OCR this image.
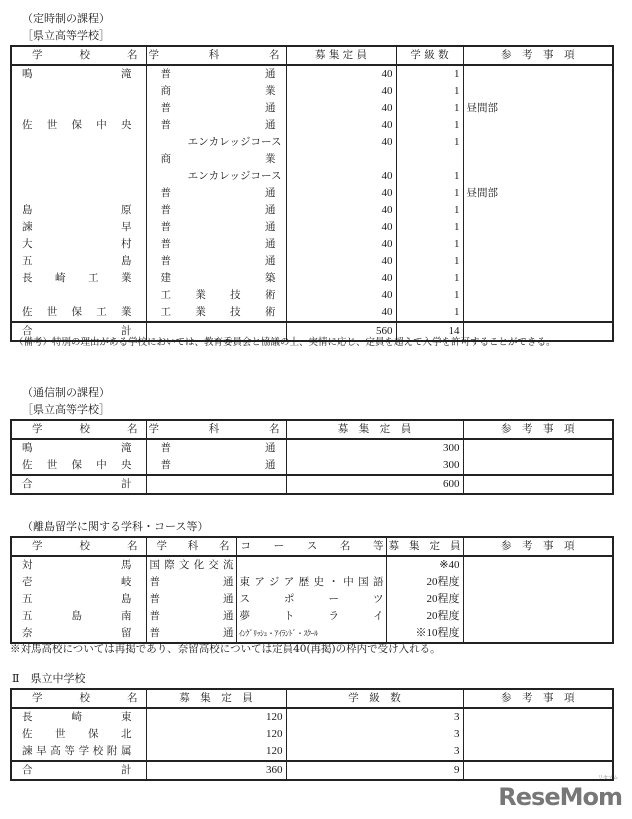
（定時制の課程）
［県立高等学校］
学　校　名	学　　科　　名	募 集 定 員	学 級 数	参　考　事　項
鳴　　　　滝	普　　　　通	40	1	
	商　　　　業	40	1	
	普　　　　通	40	1	昼間部
佐 世 保 中 央	普　　　　通	40	1	
	エンカレッジコース	40	1	
	商　　　　業			
	エンカレッジコース	40	1	
	普　　　　通	40	1	昼間部
島　　　　原	普　　　　通	40	1	
諫　　　　早	普　　　　通	40	1	
大　　　　村	普　　　　通	40	1	
五　　　　島	普　　　　通	40	1	
長　崎　工　業	建　　　　築	40	1	
	工　業　技　術	40	1	
佐 世 保 工 業	工　業　技　術	40	1	
合　　　　計		560	14	
（備考）特別の理由がある学校においては、教育委員会と協議の上、実情に応じ、定員を超えて入学を許可することができる。
（通信制の課程）
［県立高等学校］
学　校　名	学　　科　　名	募　集　定　員	参　考　事　項
鳴　　　　滝	普　　　　通	300	
佐 世 保 中 央	普　　　　通	300	
合　　　　計		600	
（離島留学に関する学科・コース等）
学　校　名	学 科 名	コ ー ス 名 等	募 集 定 員	参　考　事　項
対　　　　馬	国際文化交流		※40	
壱　　　　岐	普　　　通	東アジア歴史・中国語	20程度	
五　　　　島	普　　　通	ス　ポ　ー　ツ	20程度	
五　島　南	普　　　通	夢　ト　ラ　イ	20程度	
奈　　　　留	普　　　通	ｲﾝｸﾞﾘｯｼｭ・ｱｲﾗﾝﾄﾞ・ｽｸｰﾙ	※10程度	
※対馬高校については再掲であり、奈留高校については定員40(再掲)の枠内で受け入れる。
Ⅱ　県立中学校
学　校　名	募　集　定　員	学　級　数	参　考　事　項
長　　崎　　東	120	3	
佐　世　保　北	120	3	
諫早高等学校附属	120	3	
合　　　　計	360	9	
リセマム
ReseMom
